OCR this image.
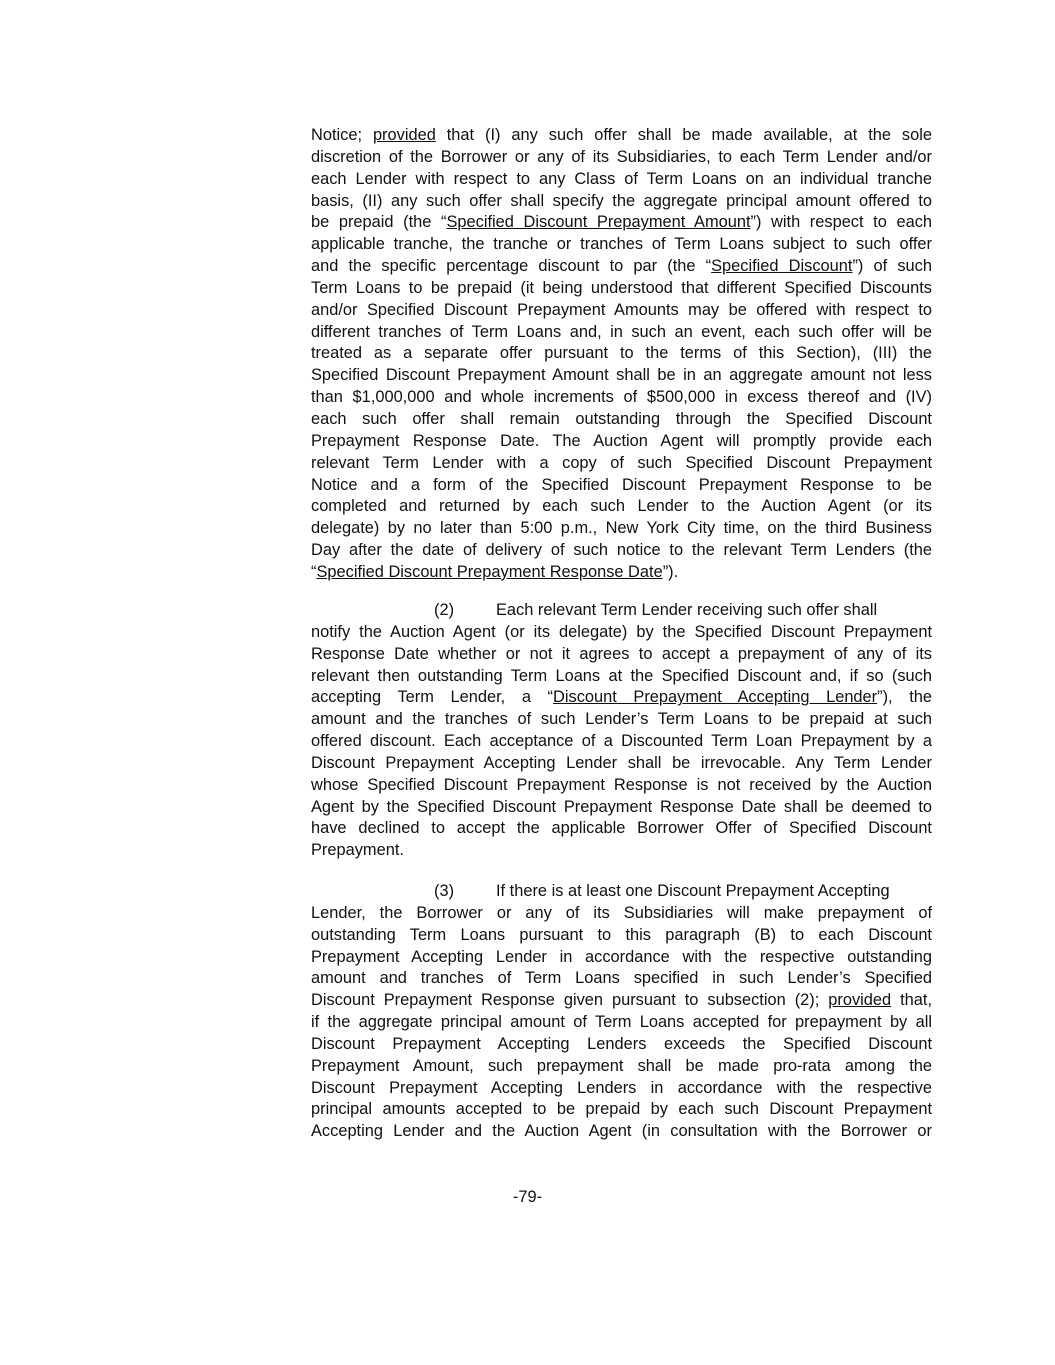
Notice; provided that (I) any such offer shall be made available, at the sole
discretion of the Borrower or any of its Subsidiaries, to each Term Lender and/or
each Lender with respect to any Class of Term Loans on an individual tranche
basis, (II) any such offer shall specify the aggregate principal amount offered to
be prepaid (the “Specified Discount Prepayment Amount”) with respect to each
applicable tranche, the tranche or tranches of Term Loans subject to such offer
and the specific percentage discount to par (the “Specified Discount”) of such
Term Loans to be prepaid (it being understood that different Specified Discounts
and/or Specified Discount Prepayment Amounts may be offered with respect to
different tranches of Term Loans and, in such an event, each such offer will be
treated as a separate offer pursuant to the terms of this Section), (III) the
Specified Discount Prepayment Amount shall be in an aggregate amount not less
than $1,000,000 and whole increments of $500,000 in excess thereof and (IV)
each such offer shall remain outstanding through the Specified Discount
Prepayment Response Date. The Auction Agent will promptly provide each
relevant Term Lender with a copy of such Specified Discount Prepayment
Notice and a form of the Specified Discount Prepayment Response to be
completed and returned by each such Lender to the Auction Agent (or its
delegate) by no later than 5:00 p.m., New York City time, on the third Business
Day after the date of delivery of such notice to the relevant Term Lenders (the
“Specified Discount Prepayment Response Date”).
(2)	Each relevant Term Lender receiving such offer shall
notify the Auction Agent (or its delegate) by the Specified Discount Prepayment
Response Date whether or not it agrees to accept a prepayment of any of its
relevant then outstanding Term Loans at the Specified Discount and, if so (such
accepting Term Lender, a “Discount Prepayment Accepting Lender”), the
amount and the tranches of such Lender’s Term Loans to be prepaid at such
offered discount. Each acceptance of a Discounted Term Loan Prepayment by a
Discount Prepayment Accepting Lender shall be irrevocable. Any Term Lender
whose Specified Discount Prepayment Response is not received by the Auction
Agent by the Specified Discount Prepayment Response Date shall be deemed to
have declined to accept the applicable Borrower Offer of Specified Discount
Prepayment.
(3)	If there is at least one Discount Prepayment Accepting
Lender, the Borrower or any of its Subsidiaries will make prepayment of
outstanding Term Loans pursuant to this paragraph (B) to each Discount
Prepayment Accepting Lender in accordance with the respective outstanding
amount and tranches of Term Loans specified in such Lender’s Specified
Discount Prepayment Response given pursuant to subsection (2); provided that,
if the aggregate principal amount of Term Loans accepted for prepayment by all
Discount Prepayment Accepting Lenders exceeds the Specified Discount
Prepayment Amount, such prepayment shall be made pro-rata among the
Discount Prepayment Accepting Lenders in accordance with the respective
principal amounts accepted to be prepaid by each such Discount Prepayment
Accepting Lender and the Auction Agent (in consultation with the Borrower or
-79-
